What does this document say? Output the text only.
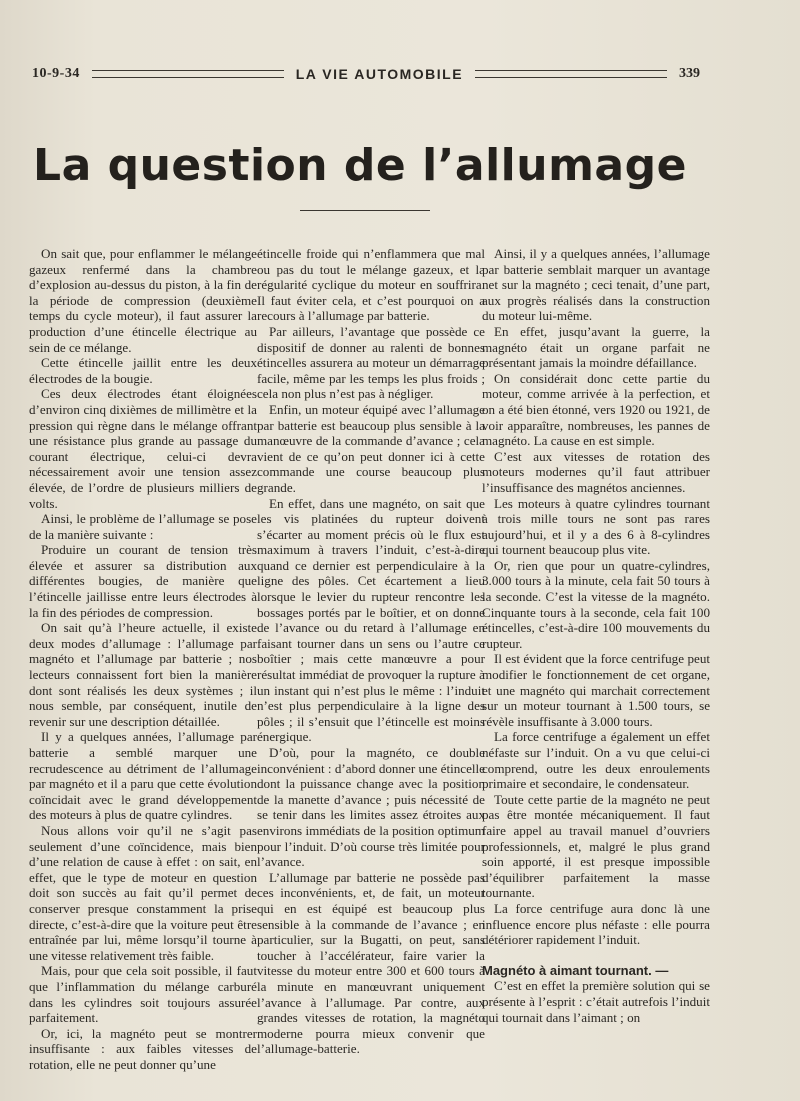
10-9-34	LA VIE AUTOMOBILE	339
La question de l’allumage

On sait que, pour enflammer le mélange gazeux renfermé dans la chambre d’explosion au-dessus du piston, à la fin de la période de compression (deuxième temps du cycle moteur), il faut assurer la production d’une étincelle électrique au sein de ce mélange.

Cette étincelle jaillit entre les deux électrodes de la bougie.

Ces deux électrodes étant éloignées d’environ cinq dixièmes de millimètre et la pression qui règne dans le mélange offrant une résistance plus grande au passage du courant électrique, celui-ci devra nécessairement avoir une tension assez élevée, de l’ordre de plusieurs milliers de volts.

Ainsi, le problème de l’allumage se pose de la manière suivante :

Produire un courant de tension très élevée et assurer sa distribution aux différentes bougies, de manière que l’étincelle jaillisse entre leurs électrodes à la fin des périodes de compression.

On sait qu’à l’heure actuelle, il existe deux modes d’allumage : l’allumage par magnéto et l’allumage par batterie ; nos lecteurs connaissent fort bien la manière dont sont réalisés les deux systèmes ; il nous semble, par conséquent, inutile de revenir sur une description détaillée.

Il y a quelques années, l’allumage par batterie a semblé marquer une recrudescence au détriment de l’allumage par magnéto et il a paru que cette évolution coïncidait avec le grand développement des moteurs à plus de quatre cylindres.

Nous allons voir qu’il ne s’agit pas seulement d’une coïncidence, mais bien d’une relation de cause à effet : on sait, en effet, que le type de moteur en question doit son succès au fait qu’il permet de conserver presque constamment la prise directe, c’est-à-dire que la voiture peut être entraînée par lui, même lorsqu’il tourne à une vitesse relativement très faible.

Mais, pour que cela soit possible, il faut que l’inflammation du mélange carburé dans les cylindres soit toujours assurée parfaitement.

Or, ici, la magnéto peut se montrer insuffisante : aux faibles vitesses de rotation, elle ne peut donner qu’une

étincelle froide qui n’enflammera que mal ou pas du tout le mélange gazeux, et la régularité cyclique du moteur en souffrira. Il faut éviter cela, et c’est pourquoi on a recours à l’allumage par batterie.

Par ailleurs, l’avantage que possède ce dispositif de donner au ralenti de bonnes étincelles assurera au moteur un démarrage facile, même par les temps les plus froids ; cela non plus n’est pas à négliger.

Enfin, un moteur équipé avec l’allumage par batterie est beaucoup plus sensible à la manœuvre de la commande d’avance ; cela vient de ce qu’on peut donner ici à cette commande une course beaucoup plus grande.

En effet, dans une magnéto, on sait que les vis platinées du rupteur doivent s’écarter au moment précis où le flux est maximum à travers l’induit, c’est-à-dire quand ce dernier est perpendiculaire à la ligne des pôles. Cet écartement a lieu lorsque le levier du rupteur rencontre les bossages portés par le boîtier, et on donne de l’avance ou du retard à l’allumage en faisant tourner dans un sens ou l’autre ce boîtier ; mais cette manœuvre a pour résultat immédiat de provoquer la rupture à un instant qui n’est plus le même : l’induit n’est plus perpendiculaire à la ligne des pôles ; il s’ensuit que l’étincelle est moins énergique.

D’où, pour la magnéto, ce double inconvénient : d’abord donner une étincelle dont la puissance change avec la position de la manette d’avance ; puis nécessité de se tenir dans les limites assez étroites aux environs immédiats de la position optimum pour l’induit. D’où course très limitée pour l’avance.

L’allumage par batterie ne possède pas ces inconvénients, et, de fait, un moteur qui en est équipé est beaucoup plus sensible à la commande de l’avance ; en particulier, sur la Bugatti, on peut, sans toucher à l’accélérateur, faire varier la vitesse du moteur entre 300 et 600 tours à la minute en manœuvrant uniquement l’avance à l’allumage. Par contre, aux grandes vitesses de rotation, la magnéto moderne pourra mieux convenir que l’allumage-batterie.

Ainsi, il y a quelques années, l’allumage par batterie semblait marquer un avantage net sur la magnéto ; ceci tenait, d’une part, aux progrès réalisés dans la construction du moteur lui-même.

En effet, jusqu’avant la guerre, la magnéto était un organe parfait ne présentant jamais la moindre défaillance.

On considérait donc cette partie du moteur, comme arrivée à la perfection, et on a été bien étonné, vers 1920 ou 1921, de voir apparaître, nombreuses, les pannes de magnéto. La cause en est simple.

C’est aux vitesses de rotation des moteurs modernes qu’il faut attribuer l’insuffisance des magnétos anciennes.

Les moteurs à quatre cylindres tournant à trois mille tours ne sont pas rares aujourd’hui, et il y a des 6 à 8-cylindres qui tournent beaucoup plus vite.

Or, rien que pour un quatre-cylindres, 3.000 tours à la minute, cela fait 50 tours à la seconde. C’est la vitesse de la magnéto. Cinquante tours à la seconde, cela fait 100 étincelles, c’est-à-dire 100 mouvements du rupteur.

Il est évident que la force centrifuge peut modifier le fonctionnement de cet organe, et une magnéto qui marchait correctement sur un moteur tournant à 1.500 tours, se révèle insuffisante à 3.000 tours.

La force centrifuge a également un effet néfaste sur l’induit. On a vu que celui-ci comprend, outre les deux enroulements primaire et secondaire, le condensateur.

Toute cette partie de la magnéto ne peut pas être montée mécaniquement. Il faut faire appel au travail manuel d’ouvriers professionnels, et, malgré le plus grand soin apporté, il est presque impossible d’équilibrer parfaitement la masse tournante.

La force centrifuge aura donc là une influence encore plus néfaste : elle pourra détériorer rapidement l’induit.

Magnéto à aimant tournant. —

C’est en effet la première solution qui se présente à l’esprit : c’était autrefois l’induit qui tournait dans l’aimant ; on
